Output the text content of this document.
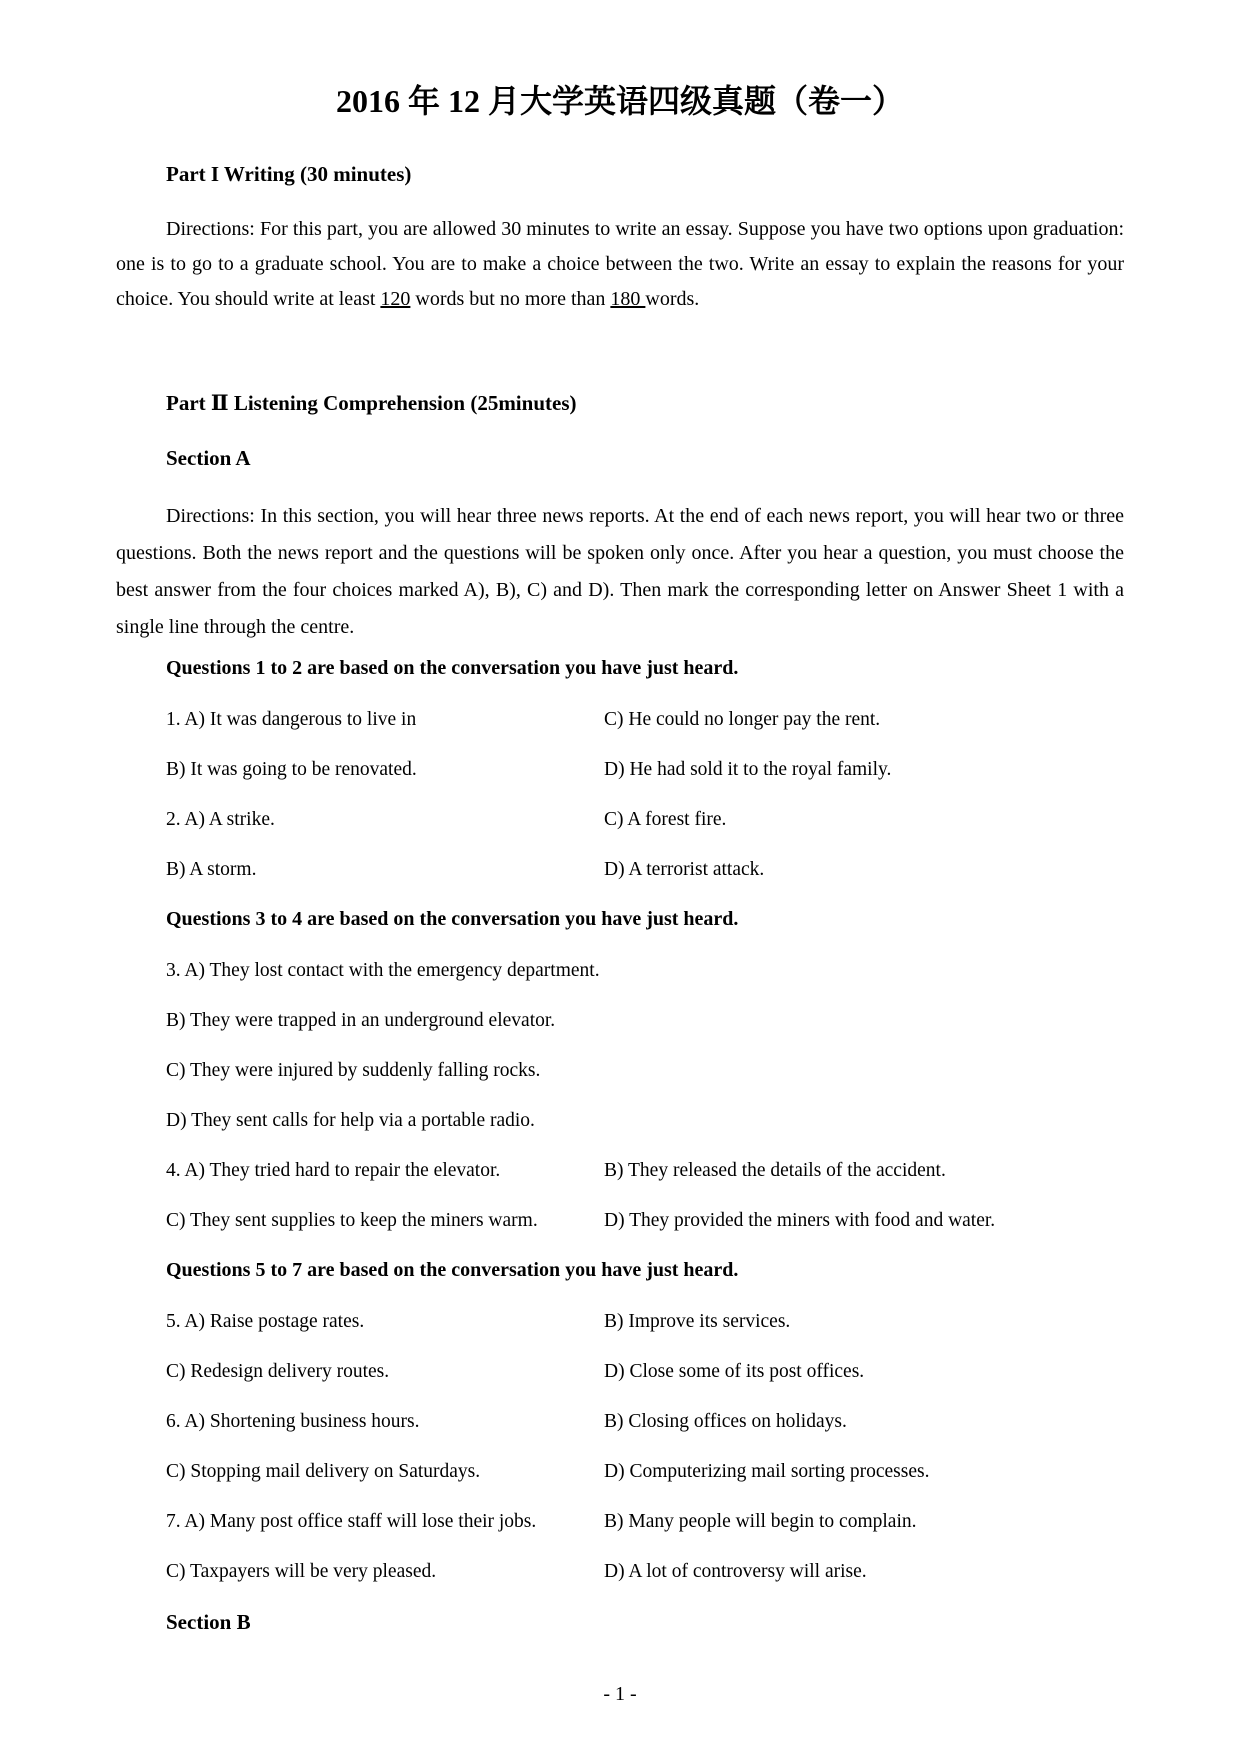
2016 年 12 月大学英语四级真题（卷一）
Part I Writing (30 minutes)

Directions: For this part, you are allowed 30 minutes to write an essay. Suppose you have two options upon graduation: one is to go to a graduate school. You are to make a choice between the two. Write an essay to explain the reasons for your choice. You should write at least 120 words but no more than 180 words.

Part Ⅱ Listening Comprehension (25minutes)
Section A

Directions: In this section, you will hear three news reports. At the end of each news report, you will hear two or three questions. Both the news report and the questions will be spoken only once. After you hear a question, you must choose the best answer from the four choices marked A), B), C) and D). Then mark the corresponding letter on Answer Sheet 1 with a single line through the centre.

Questions 1 to 2 are based on the conversation you have just heard.
1. A) It was dangerous to live in	C) He could no longer pay the rent.
B) It was going to be renovated.	D) He had sold it to the royal family.
2. A) A strike.	C) A forest fire.
B) A storm.	D) A terrorist attack.
Questions 3 to 4 are based on the conversation you have just heard.
3. A) They lost contact with the emergency department.
B) They were trapped in an underground elevator.
C) They were injured by suddenly falling rocks.
D) They sent calls for help via a portable radio.
4. A) They tried hard to repair the elevator.	B) They released the details of the accident.
C) They sent supplies to keep the miners warm.	D) They provided the miners with food and water.
Questions 5 to 7 are based on the conversation you have just heard.
5. A) Raise postage rates.	B) Improve its services.
C) Redesign delivery routes.	D) Close some of its post offices.
6. A) Shortening business hours.	B) Closing offices on holidays.
C) Stopping mail delivery on Saturdays.	D) Computerizing mail sorting processes.
7. A) Many post office staff will lose their jobs.	B) Many people will begin to complain.
C) Taxpayers will be very pleased.	D) A lot of controversy will arise.
Section B
- 1 -
